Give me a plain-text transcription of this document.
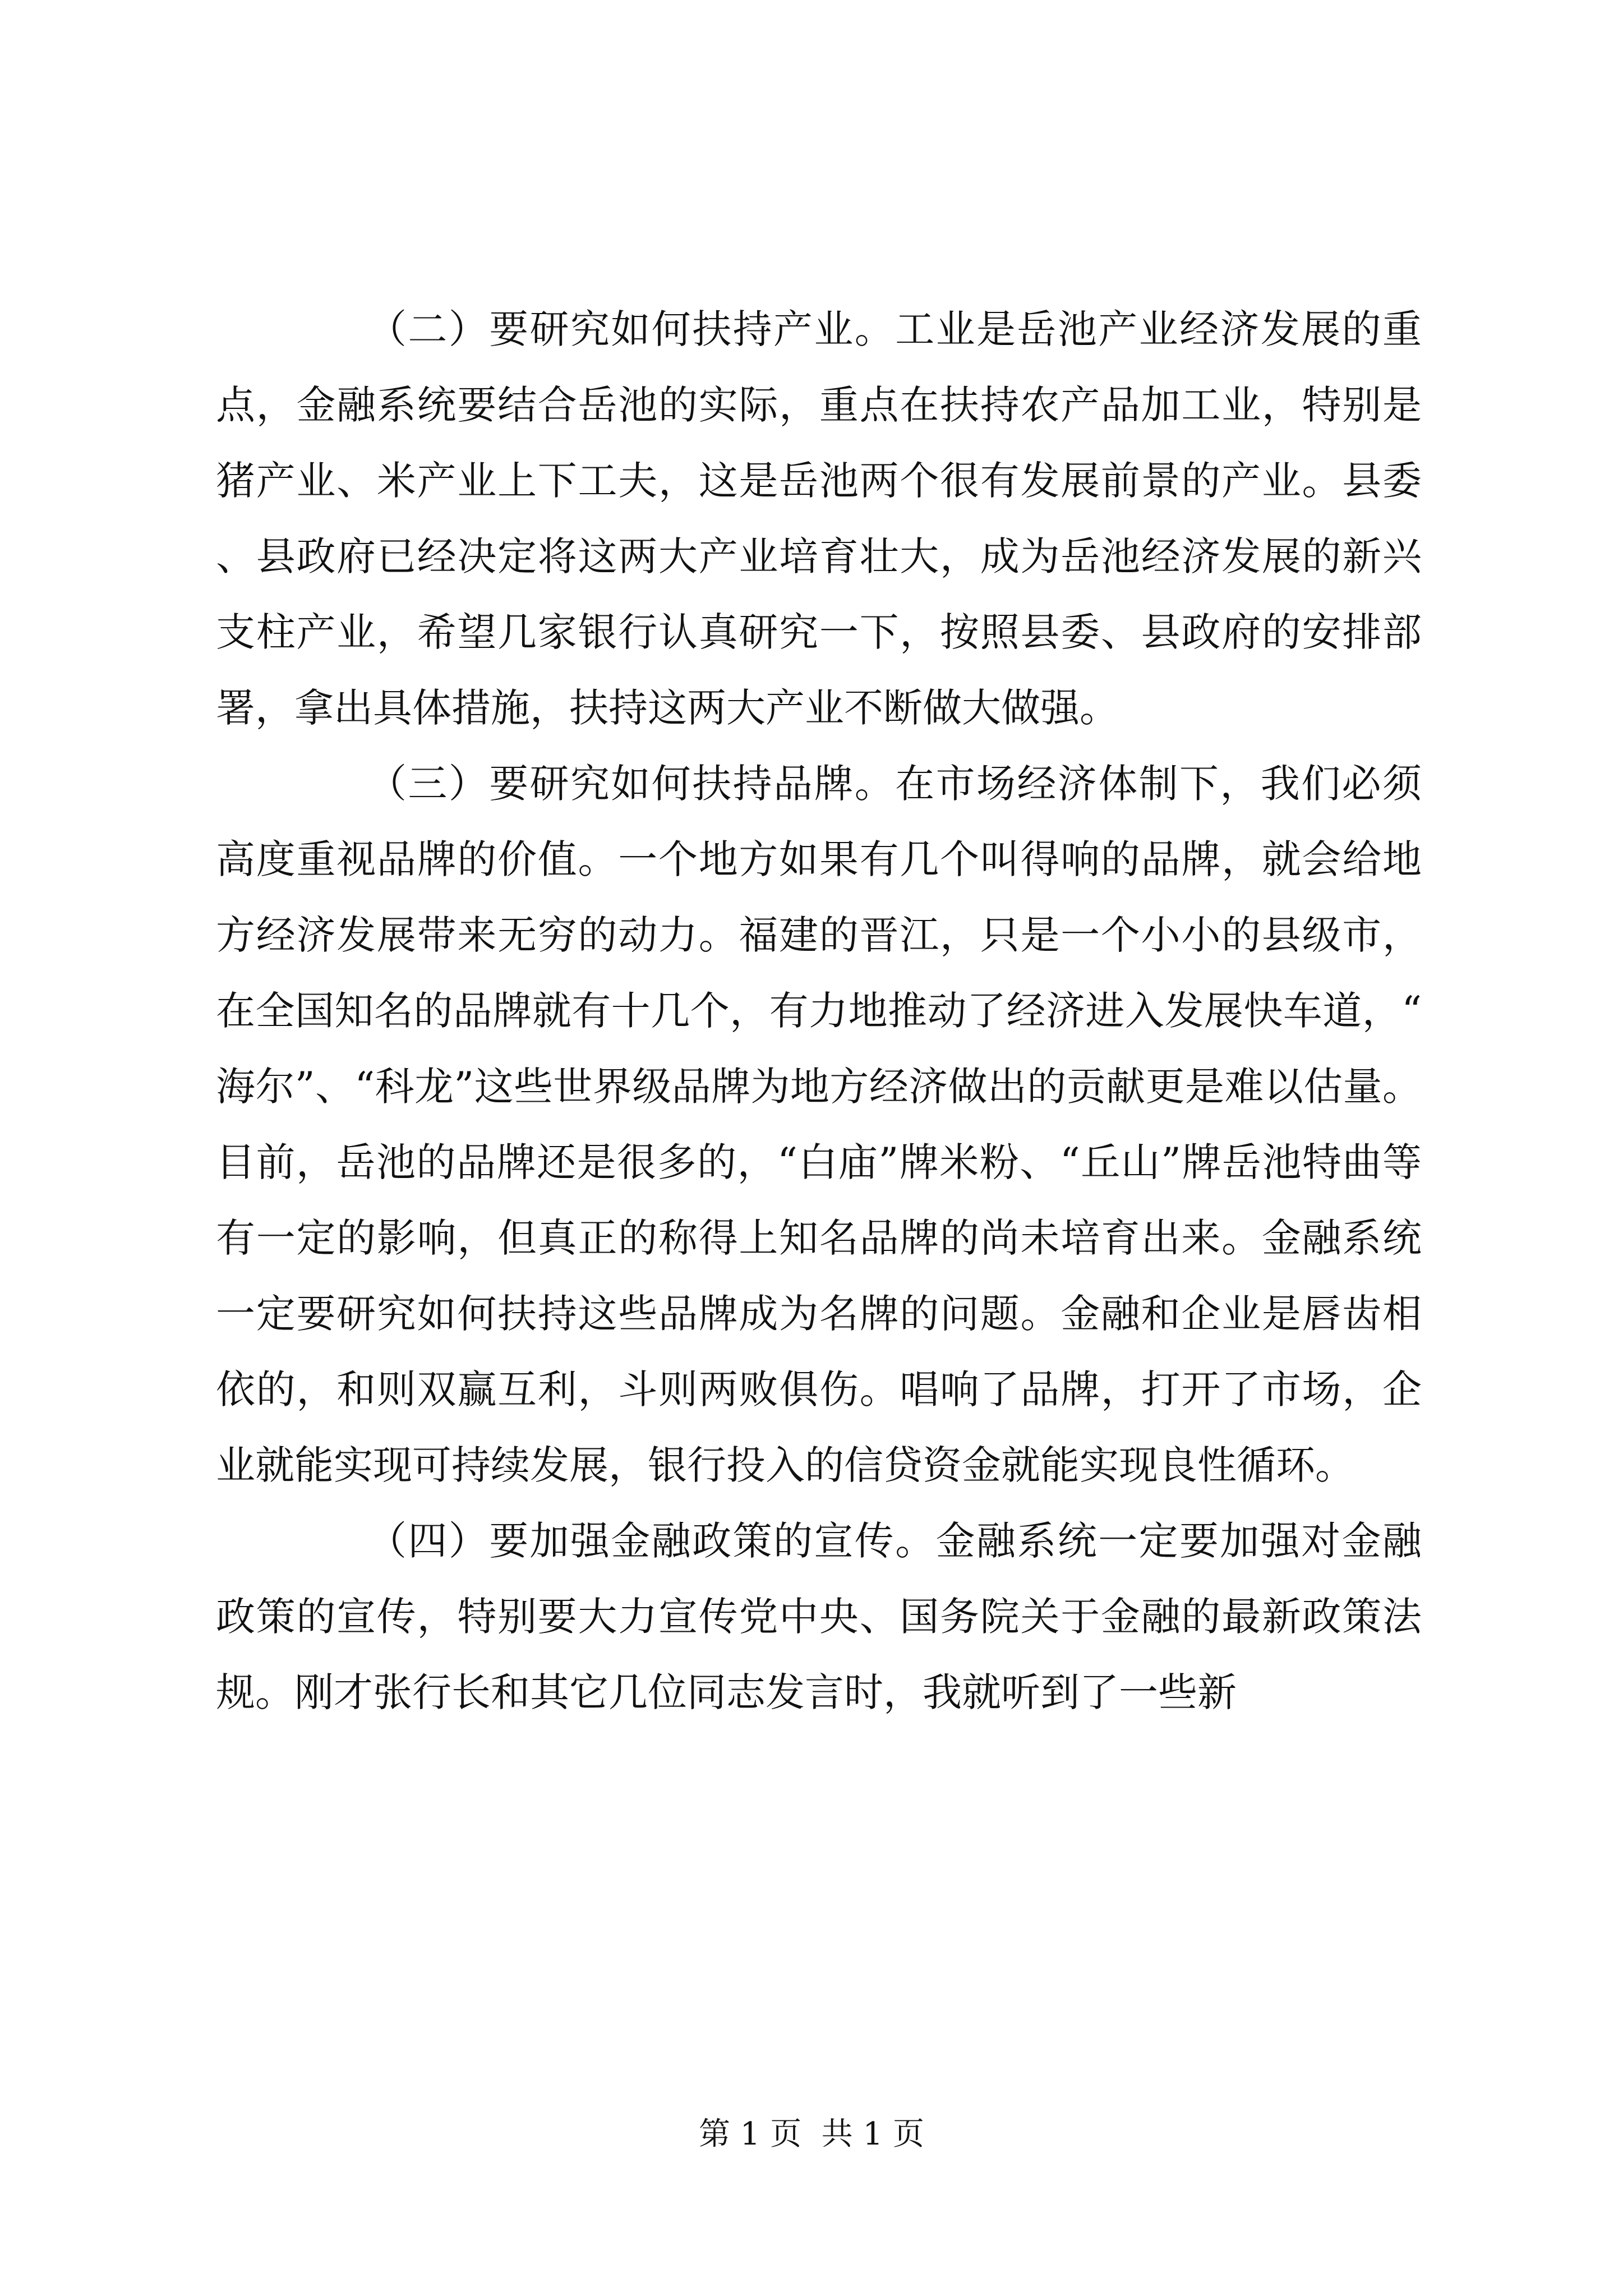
（二）要研究如何扶持产业。工业是岳池产业经济发展的重点，金融系统要结合岳池的实际，重点在扶持农产品加工业，特别是猪产业、米产业上下工夫，这是岳池两个很有发展前景的产业。县委、县政府已经决定将这两大产业培育壮大，成为岳池经济发展的新兴支柱产业，希望几家银行认真研究一下，按照县委、县政府的安排部署，拿出具体措施，扶持这两大产业不断做大做强。

（三）要研究如何扶持品牌。在市场经济体制下，我们必须高度重视品牌的价值。一个地方如果有几个叫得响的品牌，就会给地方经济发展带来无穷的动力。福建的晋江，只是一个小小的县级市，在全国知名的品牌就有十几个，有力地推动了经济进入发展快车道，“海尔”、“科龙”这些世界级品牌为地方经济做出的贡献更是难以估量。目前，岳池的品牌还是很多的，“白庙”牌米粉、“丘山”牌岳池特曲等有一定的影响，但真正的称得上知名品牌的尚未培育出来。金融系统一定要研究如何扶持这些品牌成为名牌的问题。金融和企业是唇齿相依的，和则双赢互利，斗则两败俱伤。唱响了品牌，打开了市场，企业就能实现可持续发展，银行投入的信贷资金就能实现良性循环。

（四）要加强金融政策的宣传。金融系统一定要加强对金融政策的宣传，特别要大力宣传党中央、国务院关于金融的最新政策法规。刚才张行长和其它几位同志发言时，我就听到了一些新

第 1 页  共 1 页
